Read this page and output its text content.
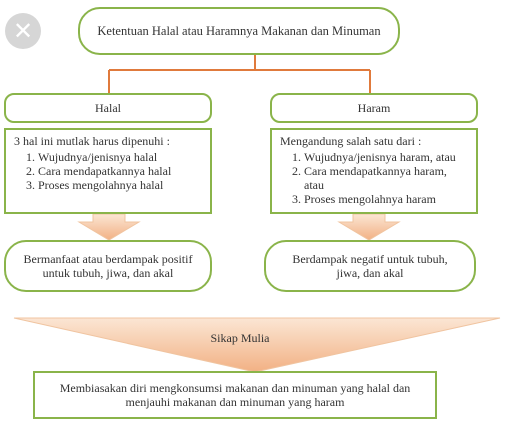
✕	Ketentuan Halal atau Haramnya Makanan dan Minuman
Halal	Haram
3 hal ini mutlak harus dipenuhi :
1. Wujudnya/jenisnya halal
2. Cara mendapatkannya halal
3. Proses mengolahnya halal
Mengandung salah satu dari :
1. Wujudnya/jenisnya haram, atau
2. Cara mendapatkannya haram, atau
3. Proses mengolahnya haram
Bermanfaat atau berdampak positif untuk tubuh, jiwa, dan akal
Berdampak negatif untuk tubuh, jiwa, dan akal
Sikap Mulia
Membiasakan diri mengkonsumsi makanan dan minuman yang halal dan menjauhi makanan dan minuman yang haram
